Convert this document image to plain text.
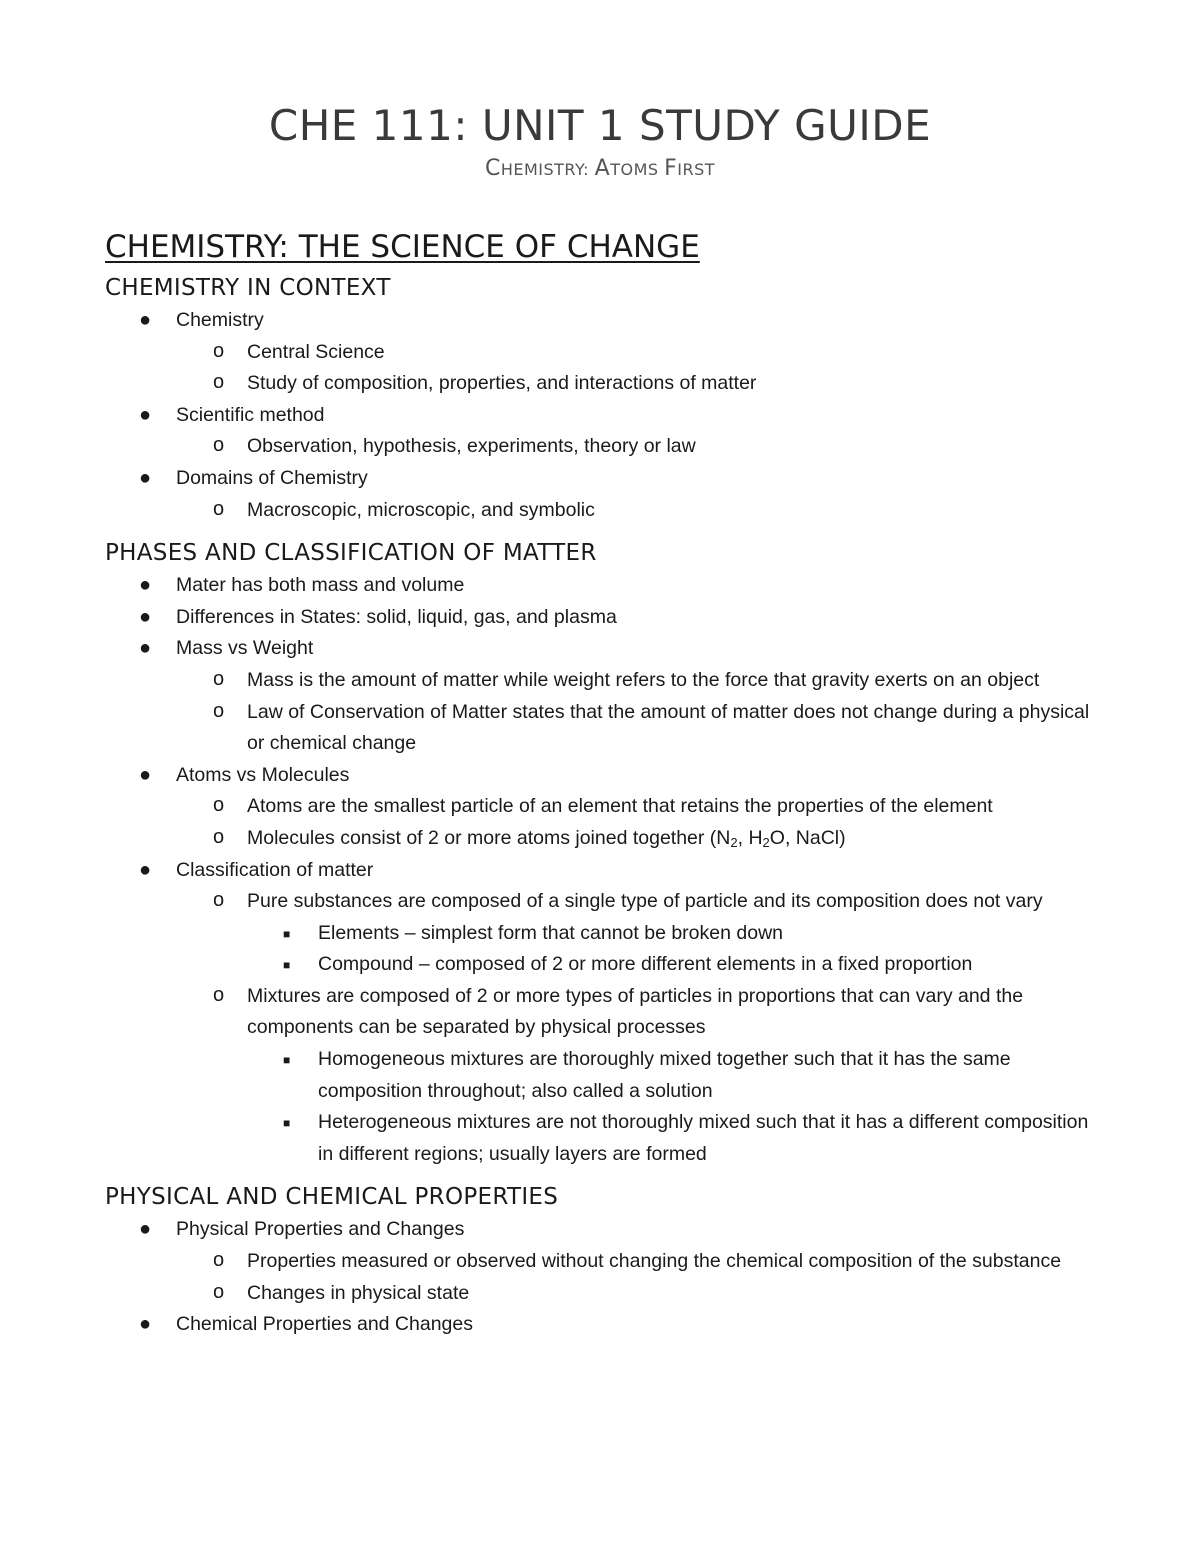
CHE 111: UNIT 1 STUDY GUIDE

CHEMISTRY: ATOMS FIRST

CHEMISTRY: THE SCIENCE OF CHANGE
CHEMISTRY IN CONTEXT
● Chemistry
o Central Science
o Study of composition, properties, and interactions of matter
● Scientific method
o Observation, hypothesis, experiments, theory or law
● Domains of Chemistry
o Macroscopic, microscopic, and symbolic
PHASES AND CLASSIFICATION OF MATTER
● Mater has both mass and volume
● Differences in States: solid, liquid, gas, and plasma
● Mass vs Weight
o Mass is the amount of matter while weight refers to the force that gravity exerts on an object
o Law of Conservation of Matter states that the amount of matter does not change during a physical or chemical change
● Atoms vs Molecules
o Atoms are the smallest particle of an element that retains the properties of the element
o Molecules consist of 2 or more atoms joined together ($N_2$, $H_2O$, NaCl)
● Classification of matter
o Pure substances are composed of a single type of particle and its composition does not vary
■ Elements – simplest form that cannot be broken down
■ Compound – composed of 2 or more different elements in a fixed proportion
o Mixtures are composed of 2 or more types of particles in proportions that can vary and the components can be separated by physical processes
■ Homogeneous mixtures are thoroughly mixed together such that it has the same composition throughout; also called a solution
■ Heterogeneous mixtures are not thoroughly mixed such that it has a different composition in different regions; usually layers are formed
PHYSICAL AND CHEMICAL PROPERTIES
● Physical Properties and Changes
o Properties measured or observed without changing the chemical composition of the substance
o Changes in physical state
● Chemical Properties and Changes
